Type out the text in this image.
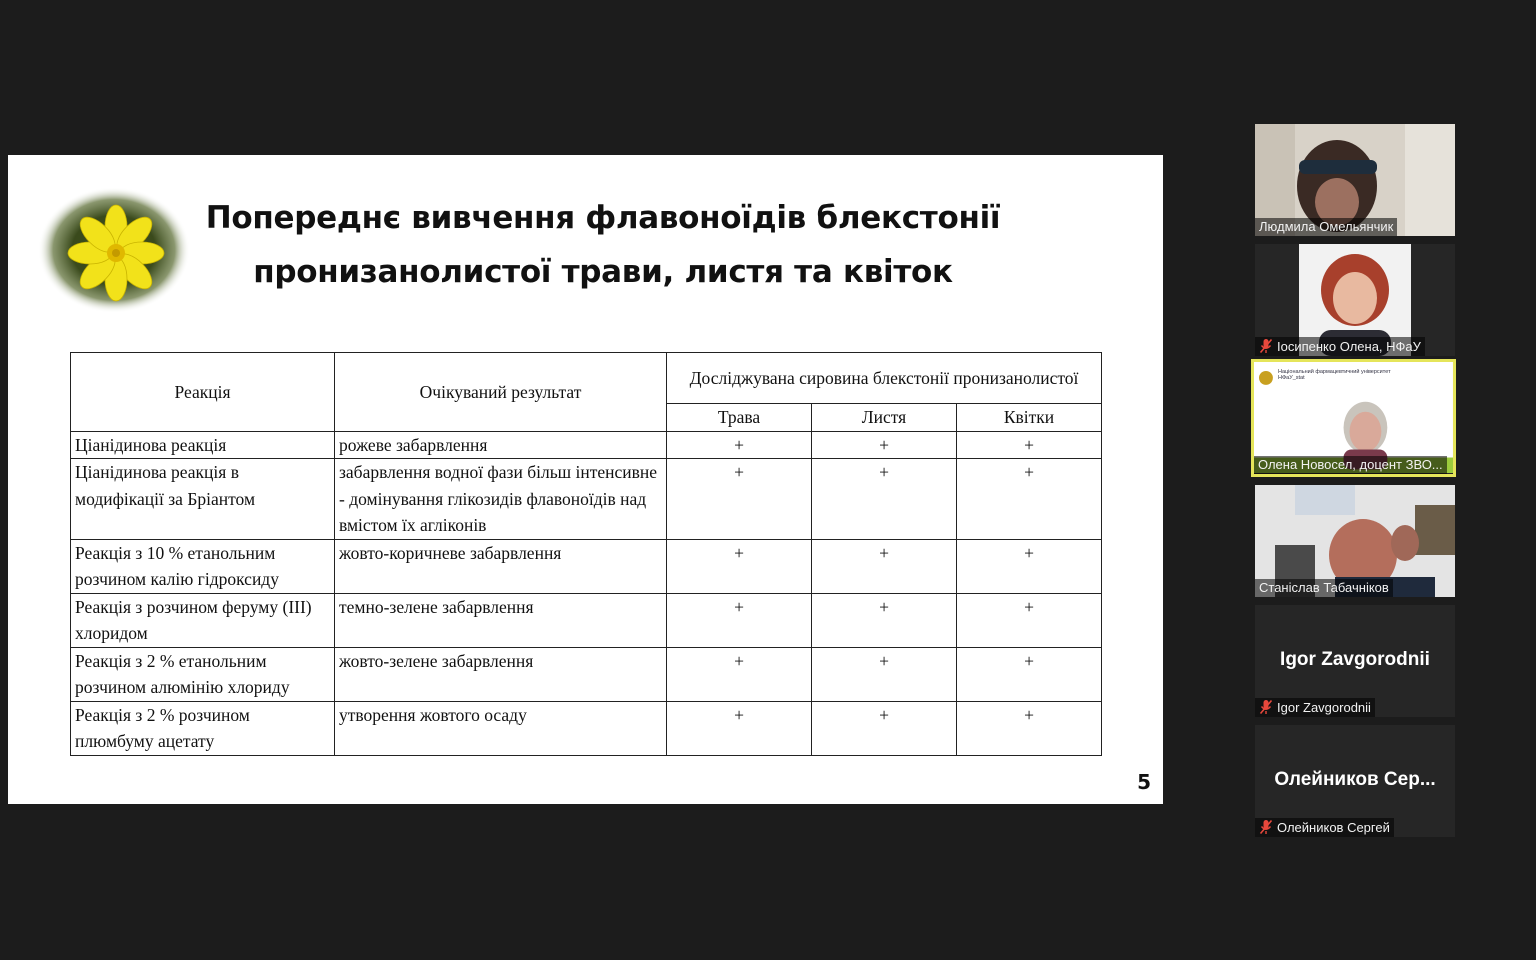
Попереднє вивчення флавоноїдів блекстонії
пронизанолистої трави, листя та квіток
Реакція	Очікуваний результат	Досліджувана сировина блекстонії пронизанолистої		
		Трава	Листя	Квітки
Ціанідинова реакція	рожеве забарвлення	+	+	+
Ціанідинова реакція в модифікації за Бріантом	забарвлення водної фази більш інтенсивне - домінування глікозидів флавоноїдів над вмістом їх агліконів	+	+	+
Реакція з 10 % етанольним розчином калію гідроксиду	жовто-коричневе забарвлення	+	+	+
Реакція з розчином феруму (ІІІ) хлоридом	темно-зелене забарвлення	+	+	+
Реакція з 2 % етанольним розчином алюмінію хлориду	жовто-зелене забарвлення	+	+	+
Реакція з 2 % розчином плюмбуму ацетату	утворення жовтого осаду	+	+	+
5
Людмила Омельянчик
Іосипенко Олена, НФаУ
Національний фармацевтичний університет
НФаУ_stat
Олена Новосел, доцент ЗВО...
Станіслав Табачніков
Igor Zavgorodnii
Igor Zavgorodnii
Олейников Сер...
Олейников Сергей
